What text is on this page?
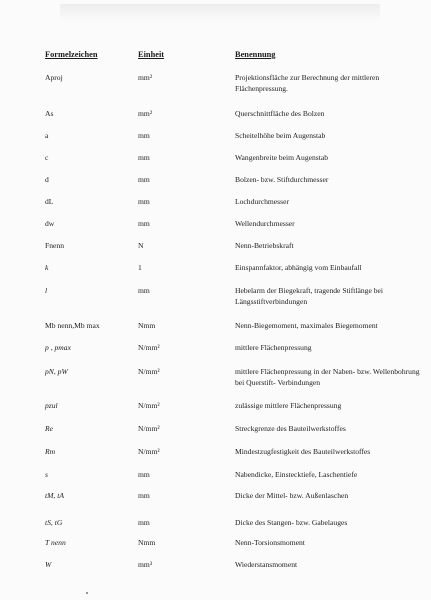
Formelzeichen	Einheit	Benennung
Aproj	mm²	Projektionsfläche zur Berechnung der mittleren Flächenpressung.
As	mm²	Querschnittfläche des Bolzen
a	mm	Scheitelhöhe beim Augenstab
c	mm	Wangenbreite beim Augenstab
d	mm	Bolzen- bzw. Stiftdurchmesser
dL	mm	Lochdurchmesser
dw	mm	Wellendurchmesser
Fnenn	N	Nenn-Betriebskraft
k	1	Einspannfaktor, abhängig vom Einbaufall
l	mm	Hebelarm der Biegekraft, tragende Stiftlänge bei Längsstiftverbindungen
Mb nenn,Mb max	Nmm	Nenn-Biegemoment, maximales Biegemoment
p , pmax	N/mm²	mittlere Flächenpressung
pN, pW	N/mm²	mittlere Flächenpressung in der Naben- bzw. Wellenbohrung bei Querstift- Verbindungen
pzul	N/mm²	zulässige mittlere Flächenpressung
Re	N/mm²	Streckgrenze des Bauteilwerkstoffes
Rm	N/mm²	Mindestzugfestigkeit des Bauteilwerkstoffes
s	mm	Nabendicke, Einstecktiefe, Laschentiefe
tM, tA	mm	Dicke der Mittel- bzw. Außenlaschen
tS, tG	mm	Dicke des Stangen- bzw. Gabelauges
T nenn	Nmm	Nenn-Torsionsmoment
W	mm³	Wiederstansmoment
